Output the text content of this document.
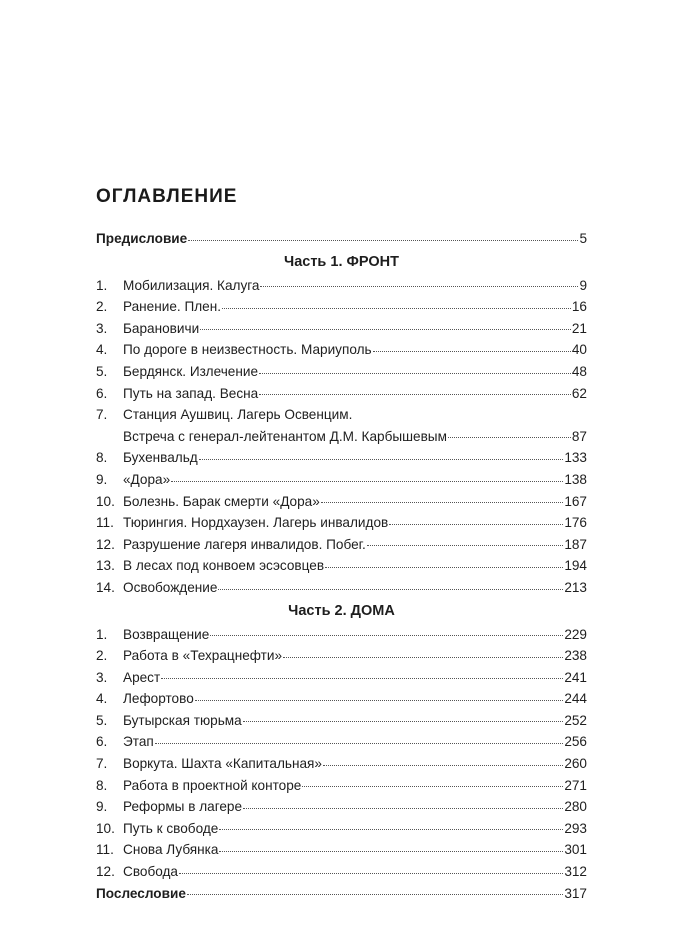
ОГЛАВЛЕНИЕ
Предисловие	5
Часть 1. ФРОНТ
1.	Мобилизация. Калуга	9
2.	Ранение. Плен.	16
3.	Барановичи	21
4.	По дороге в неизвестность. Мариуполь	40
5.	Бердянск. Излечение	48
6.	Путь на запад. Весна	62
7.	Станция Аушвиц. Лагерь Освенцим.
Встреча с генерал-лейтенантом Д.М. Карбышевым	87
8.	Бухенвальд	133
9.	«Дора»	138
10. Болезнь. Барак смерти «Дора»	167
11. Тюрингия. Нордхаузен. Лагерь инвалидов	176
12. Разрушение лагеря инвалидов. Побег.	187
13. В лесах под конвоем эсэсовцев	194
14. Освобождение	213
Часть 2. ДОМА
1.	Возвращение	229
2.	Работа в «Техрацнефти»	238
3.	Арест	241
4.	Лефортово	244
5.	Бутырская тюрьма	252
6.	Этап	256
7.	Воркута. Шахта «Капитальная»	260
8.	Работа в проектной конторе	271
9.	Реформы в лагере	280
10. Путь к свободе	293
11. Снова Лубянка	301
12. Свобода	312
Послесловие	317
